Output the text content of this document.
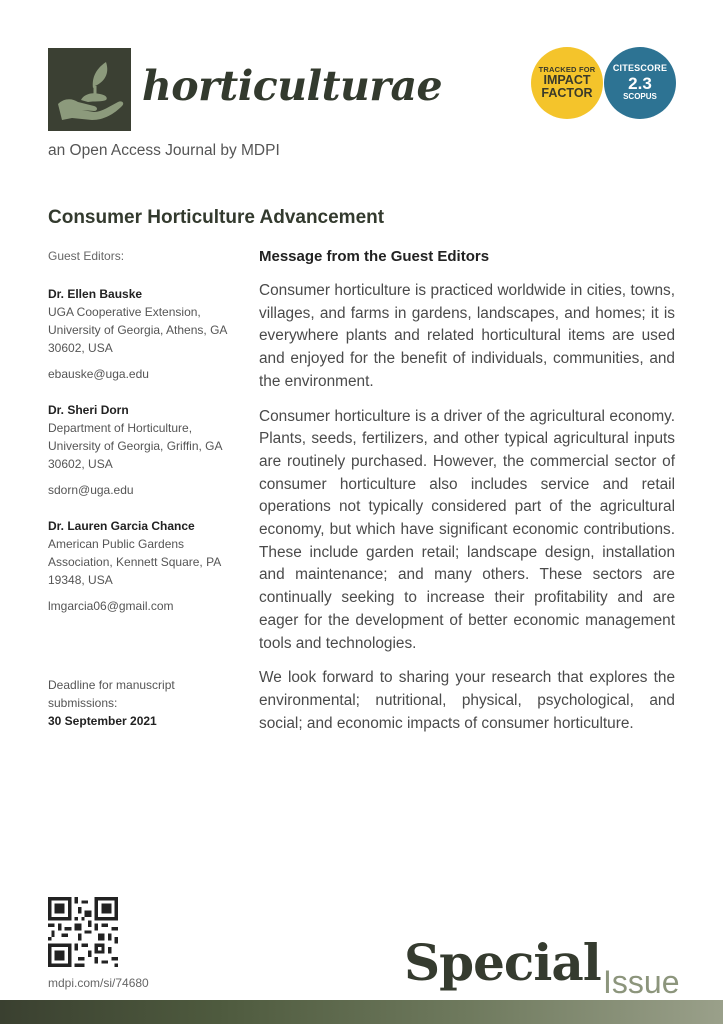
horticulturae
an Open Access Journal by MDPI
TRACKED FOR
IMPACT
FACTOR
CITESCORE
2.3
SCOPUS
Consumer Horticulture Advancement
Guest Editors:
Dr. Ellen Bauske
UGA Cooperative Extension, University of Georgia, Athens, GA 30602, USA
ebauske@uga.edu
Dr. Sheri Dorn
Department of Horticulture, University of Georgia, Griffin, GA 30602, USA
sdorn@uga.edu
Dr. Lauren Garcia Chance
American Public Gardens Association, Kennett Square, PA 19348, USA
lmgarcia06@gmail.com
Deadline for manuscript submissions:
30 September 2021
Message from the Guest Editors

Consumer horticulture is practiced worldwide in cities, towns, villages, and farms in gardens, landscapes, and homes; it is everywhere plants and related horticultural items are used and enjoyed for the benefit of individuals, communities, and the environment.

Consumer horticulture is a driver of the agricultural economy. Plants, seeds, fertilizers, and other typical agricultural inputs are routinely purchased. However, the commercial sector of consumer horticulture also includes service and retail operations not typically considered part of the agricultural economy, but which have significant economic contributions. These include garden retail; landscape design, installation and maintenance; and many others. These sectors are continually seeking to increase their profitability and are eager for the development of better economic management tools and technologies.

We look forward to sharing your research that explores the environmental; nutritional, physical, psychological, and social; and economic impacts of consumer horticulture.

mdpi.com/si/74680	Issue
Special
